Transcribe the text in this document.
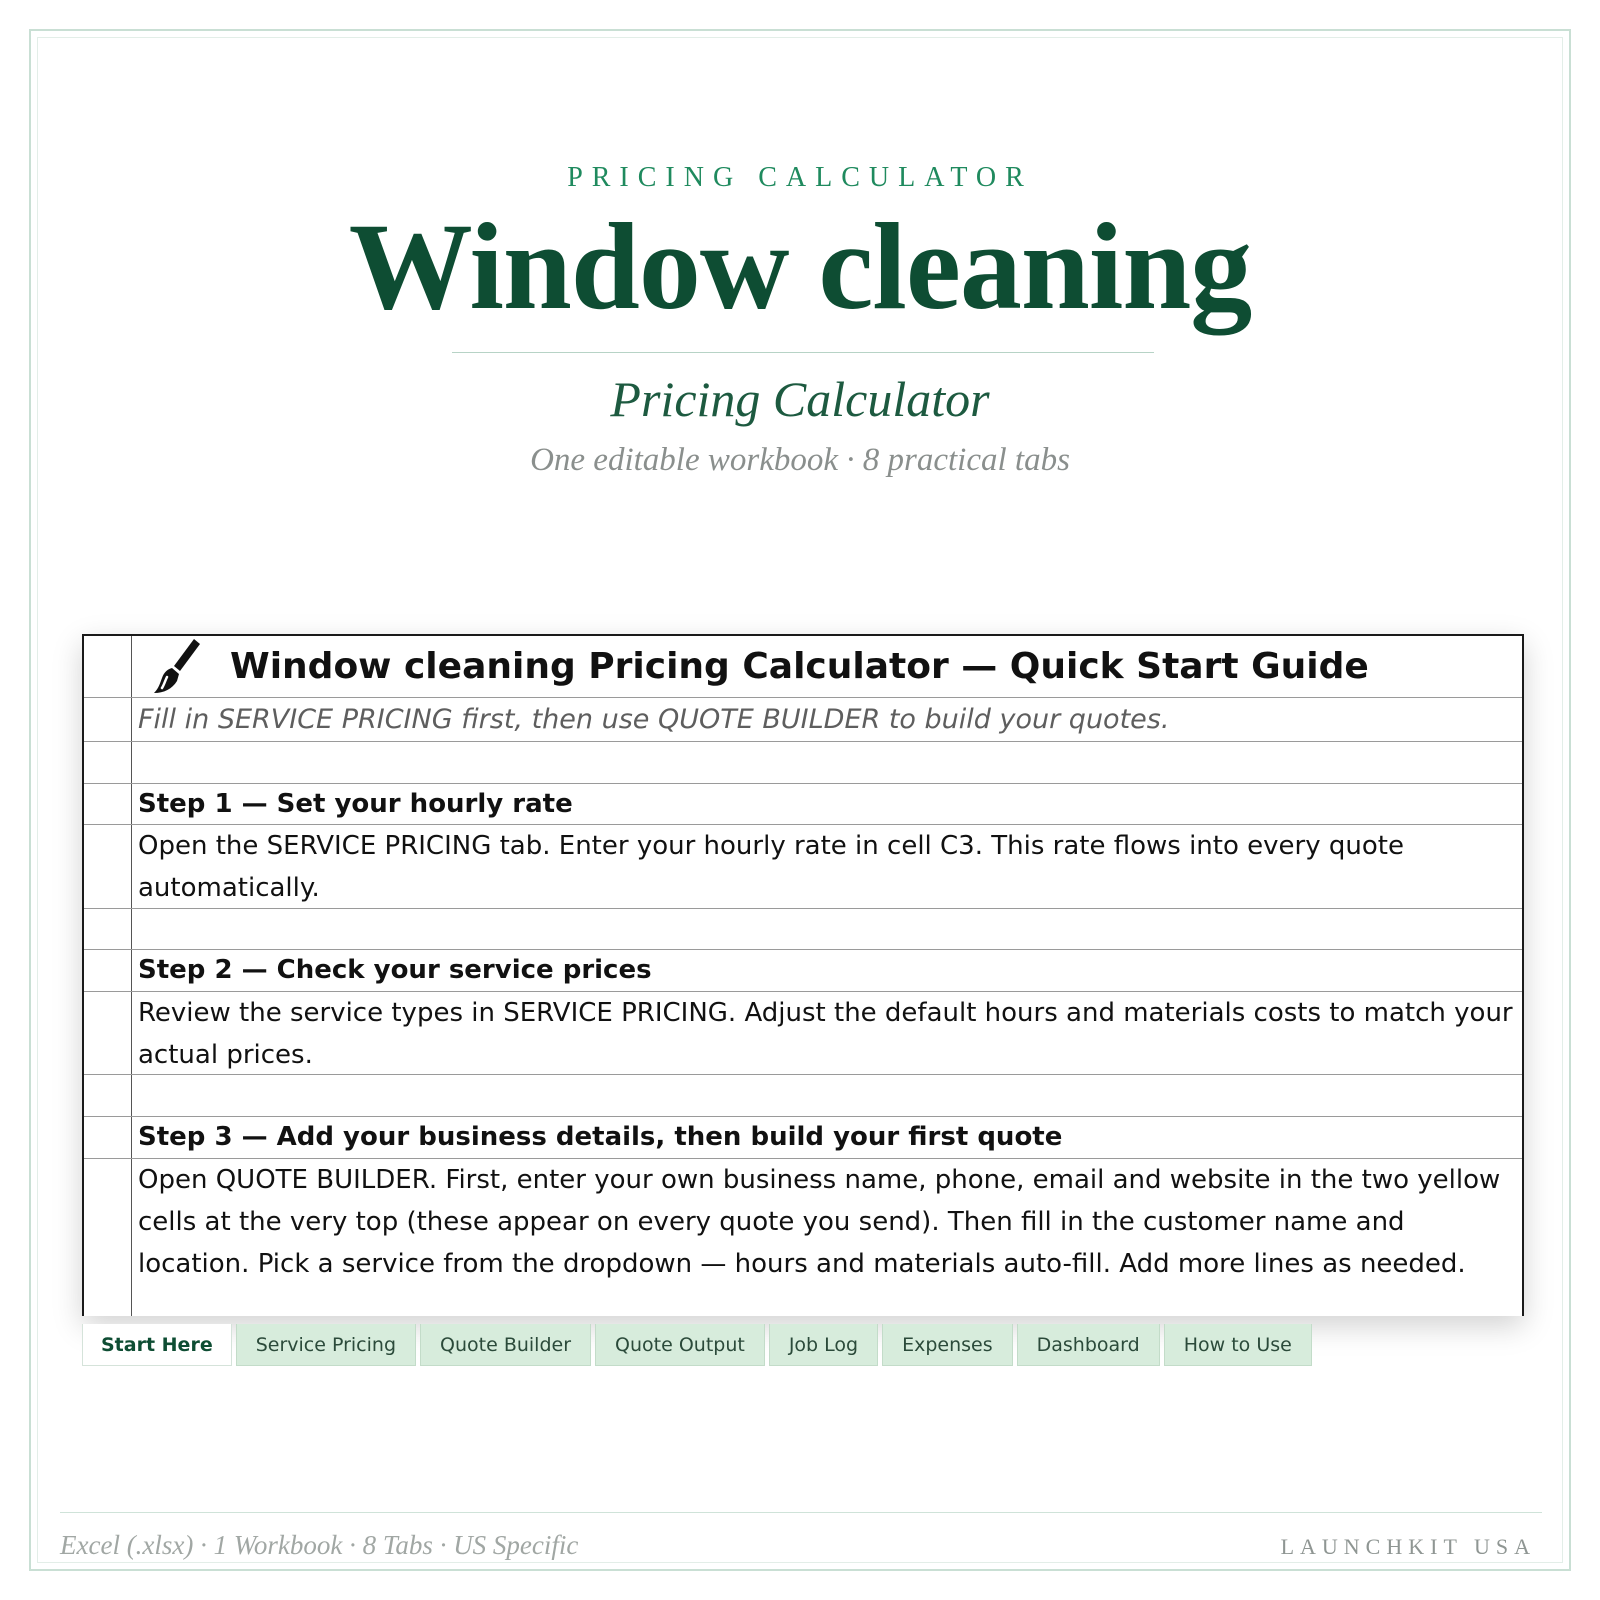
PRICING CALCULATOR
Window cleaning
Pricing Calculator
One editable workbook · 8 practical tabs
Window cleaning Pricing Calculator — Quick Start Guide
Fill in SERVICE PRICING first, then use QUOTE BUILDER to build your quotes.
Step 1 — Set your hourly rate
Open the SERVICE PRICING tab. Enter your hourly rate in cell C3. This rate flows into every quote automatically.
Step 2 — Check your service prices
Review the service types in SERVICE PRICING. Adjust the default hours and materials costs to match your actual prices.
Step 3 — Add your business details, then build your first quote
Open QUOTE BUILDER. First, enter your own business name, phone, email and website in the two yellow cells at the very top (these appear on every quote you send). Then fill in the customer name and location. Pick a service from the dropdown — hours and materials auto-fill. Add more lines as needed.
Start Here	Service Pricing	Quote Builder	Quote Output	Job Log	Expenses	Dashboard	How to Use
Excel (.xlsx) · 1 Workbook · 8 Tabs · US Specific	LAUNCHKIT USA
